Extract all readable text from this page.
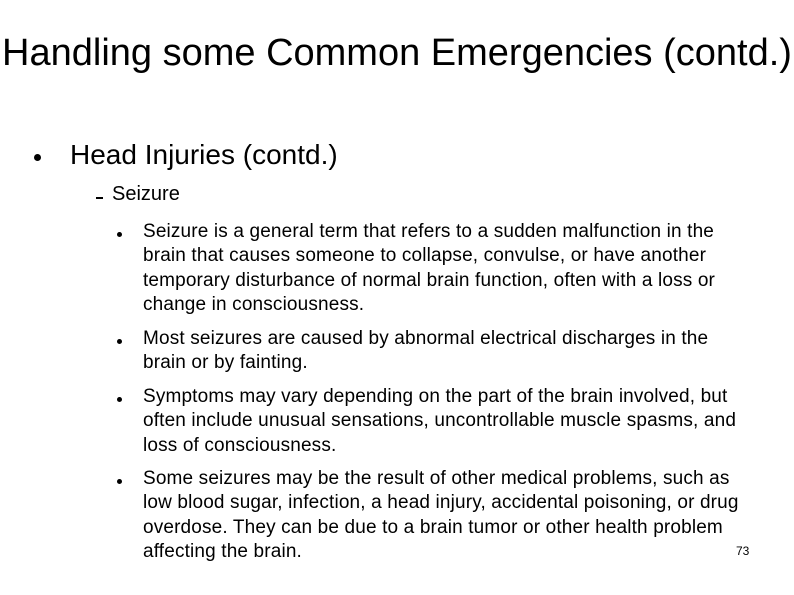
Handling some Common Emergencies (contd.)
Head Injuries (contd.)
Seizure
Seizure is a general term that refers to a sudden malfunction in the brain that causes someone to collapse, convulse, or have another temporary disturbance of normal brain function, often with a loss or change in consciousness.
Most seizures are caused by abnormal electrical discharges in the brain or by fainting.
Symptoms may vary depending on the part of the brain involved, but often include unusual sensations, uncontrollable muscle spasms, and loss of consciousness.
Some seizures may be the result of other medical problems, such as low blood sugar, infection, a head injury, accidental poisoning, or drug overdose. They can be due to a brain tumor or other health problem affecting the brain.	73
